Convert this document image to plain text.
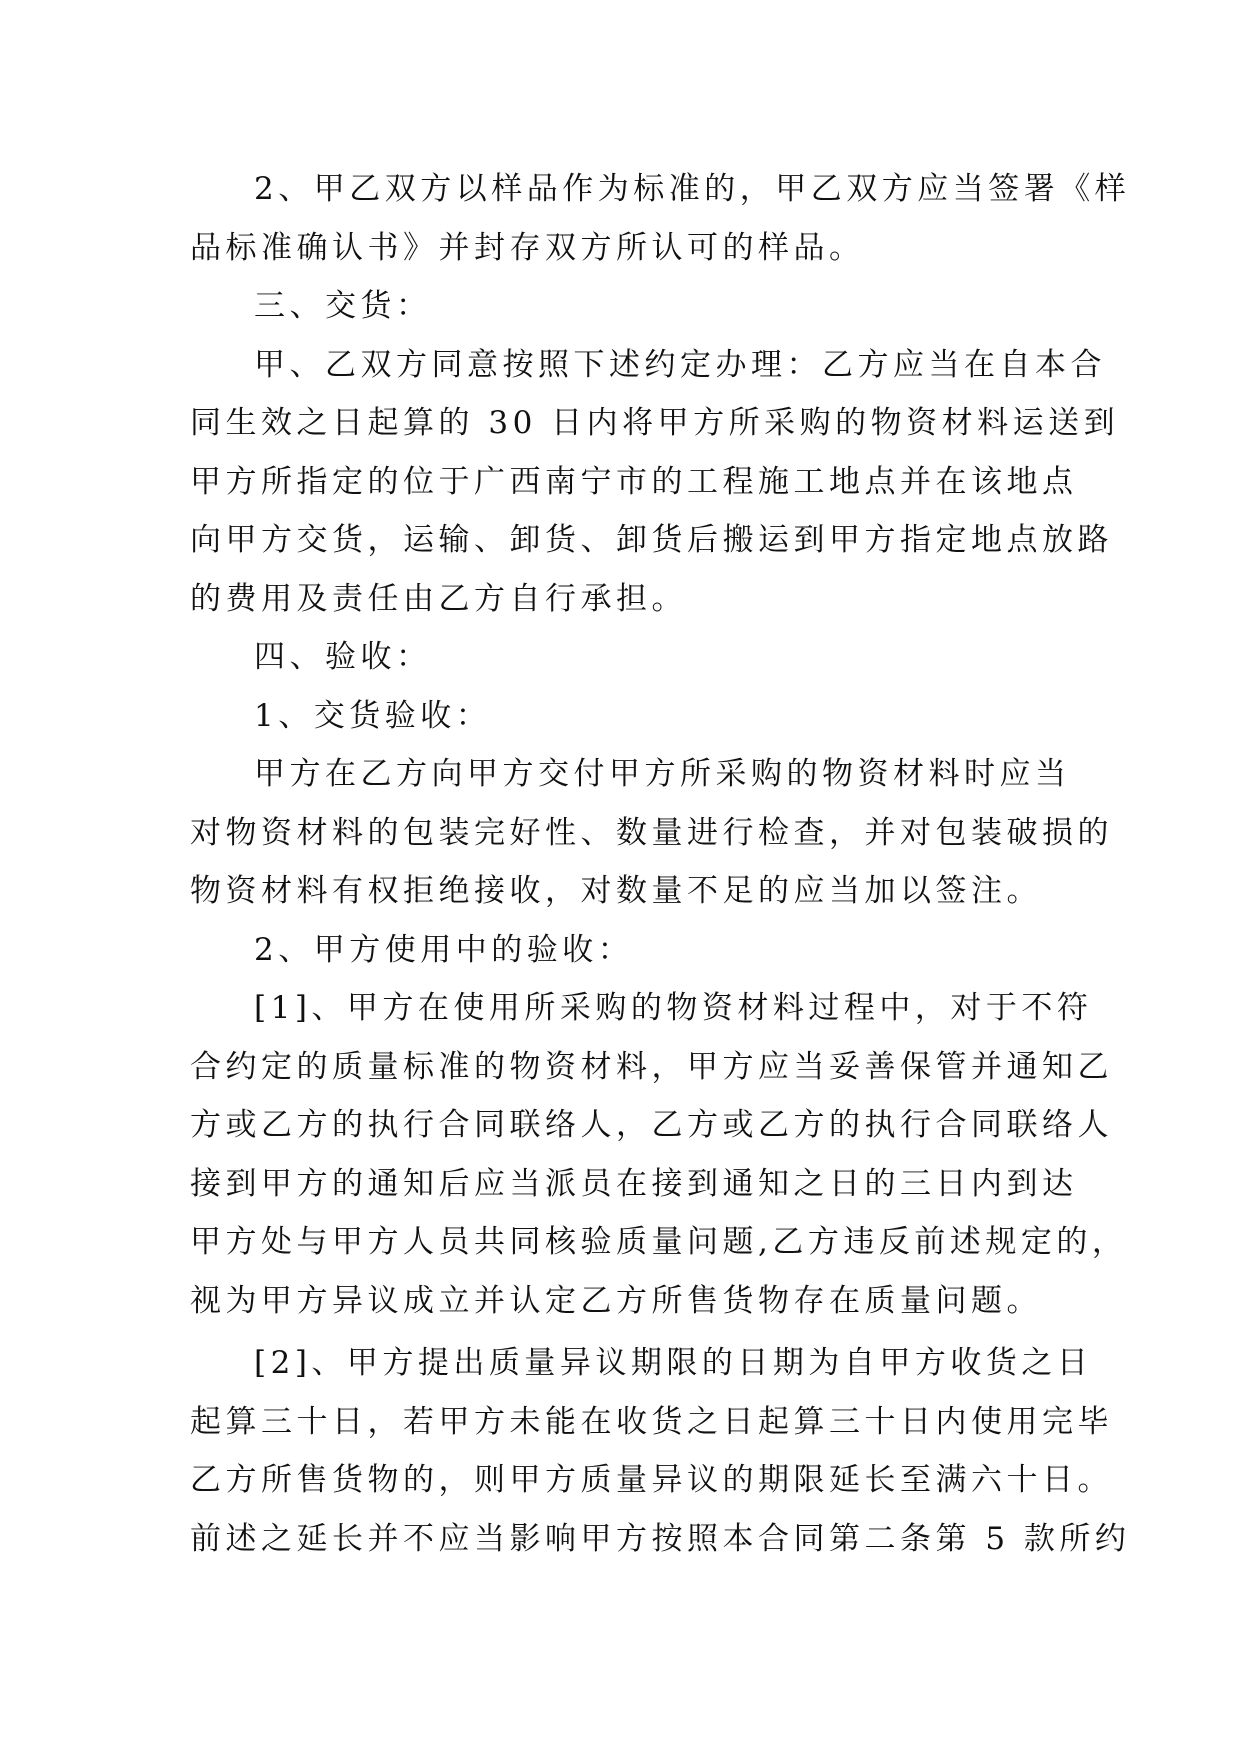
2、甲乙双方以样品作为标准的，甲乙双方应当签署《样
品标准确认书》并封存双方所认可的样品。
三、交货：
甲、乙双方同意按照下述约定办理：乙方应当在自本合
同生效之日起算的 30 日内将甲方所采购的物资材料运送到
甲方所指定的位于广西南宁市的工程施工地点并在该地点
向甲方交货，运输、卸货、卸货后搬运到甲方指定地点放路
的费用及责任由乙方自行承担。
四、验收：
1、交货验收：
甲方在乙方向甲方交付甲方所采购的物资材料时应当
对物资材料的包装完好性、数量进行检查，并对包装破损的
物资材料有权拒绝接收，对数量不足的应当加以签注。
2、甲方使用中的验收：
[1]、甲方在使用所采购的物资材料过程中，对于不符
合约定的质量标准的物资材料，甲方应当妥善保管并通知乙
方或乙方的执行合同联络人，乙方或乙方的执行合同联络人
接到甲方的通知后应当派员在接到通知之日的三日内到达
甲方处与甲方人员共同核验质量问题,乙方违反前述规定的，
视为甲方异议成立并认定乙方所售货物存在质量问题。
[2]、甲方提出质量异议期限的日期为自甲方收货之日
起算三十日，若甲方未能在收货之日起算三十日内使用完毕
乙方所售货物的，则甲方质量异议的期限延长至满六十日。
前述之延长并不应当影响甲方按照本合同第二条第 5 款所约
